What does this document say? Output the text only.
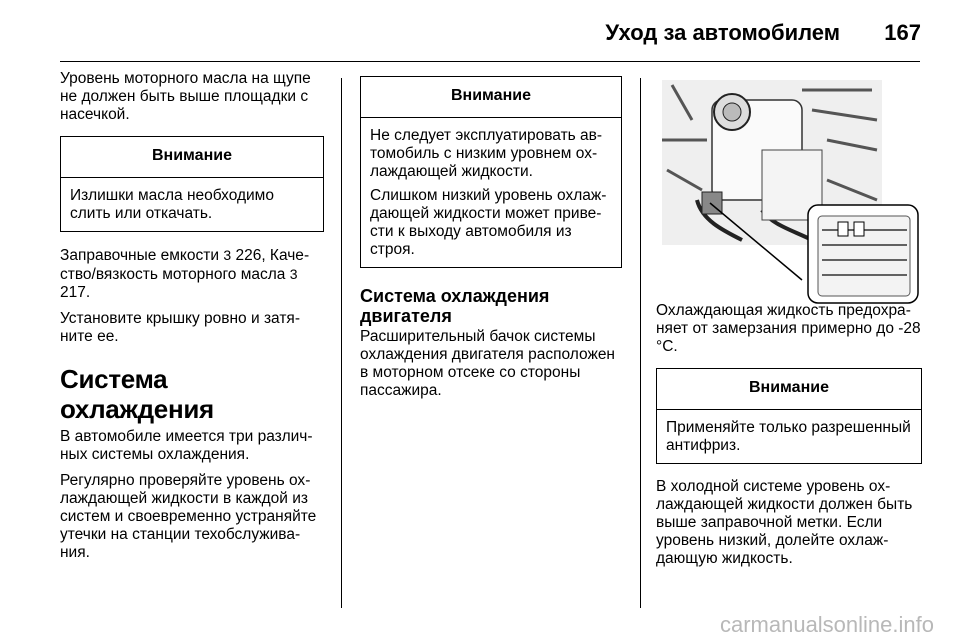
Уход за автомобилем 167

Уровень моторного масла на щупе не должен быть выше площадки с насечкой.

Внимание

Излишки масла необходимо слить или откачать.

Заправочные емкости 3 226, Качество/вязкость моторного масла 3 217.

Установите крышку ровно и затяните ее.

Система охлаждения

В автомобиле имеется три различных системы охлаждения.

Регулярно проверяйте уровень охлаждающей жидкости в каждой из систем и своевременно устраняйте утечки на станции техобслуживания.

Внимание

Не следует эксплуатировать автомобиль с низким уровнем охлаждающей жидкости.

Слишком низкий уровень охлаждающей жидкости может привести к выходу автомобиля из строя.

Система охлаждения двигателя

Расширительный бачок системы охлаждения двигателя расположен в моторном отсеке со стороны пассажира.

Охлаждающая жидкость предохраняет от замерзания примерно до -28 °C.

Внимание

Применяйте только разрешенный антифриз.

В холодной системе уровень охлаждающей жидкости должен быть выше заправочной метки. Если уровень низкий, долейте охлаждающую жидкость.

carmanualsonline.info
